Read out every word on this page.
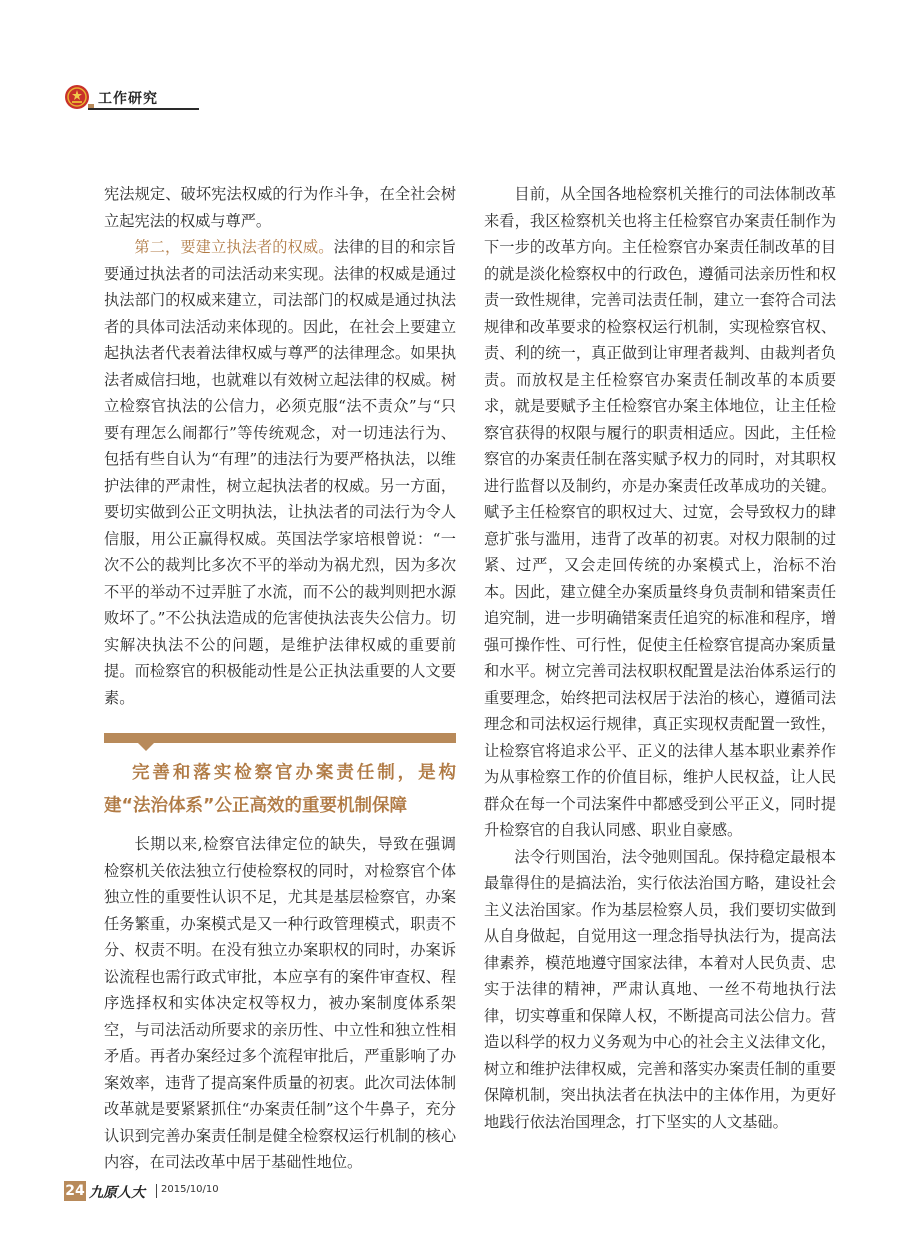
工作研究

宪法规定、破坏宪法权威的行为作斗争，在全社会树立起宪法的权威与尊严。

第二，要建立执法者的权威。法律的目的和宗旨要通过执法者的司法活动来实现。法律的权威是通过执法部门的权威来建立，司法部门的权威是通过执法者的具体司法活动来体现的。因此，在社会上要建立起执法者代表着法律权威与尊严的法律理念。如果执法者威信扫地，也就难以有效树立起法律的权威。树立检察官执法的公信力，必须克服“法不责众”与“只要有理怎么闹都行”等传统观念，对一切违法行为、包括有些自认为“有理”的违法行为要严格执法，以维护法律的严肃性，树立起执法者的权威。另一方面，要切实做到公正文明执法，让执法者的司法行为令人信服，用公正赢得权威。英国法学家培根曾说：“一次不公的裁判比多次不平的举动为祸尤烈，因为多次不平的举动不过弄脏了水流，而不公的裁判则把水源败坏了。”不公执法造成的危害使执法丧失公信力。切实解决执法不公的问题，是维护法律权威的重要前提。而检察官的积极能动性是公正执法重要的人文要素。

完善和落实检察官办案责任制，是构建“法治体系”公正高效的重要机制保障

长期以来,检察官法律定位的缺失，导致在强调检察机关依法独立行使检察权的同时，对检察官个体独立性的重要性认识不足，尤其是基层检察官，办案任务繁重，办案模式是又一种行政管理模式，职责不分、权责不明。在没有独立办案职权的同时，办案诉讼流程也需行政式审批，本应享有的案件审查权、程序选择权和实体决定权等权力，被办案制度体系架空，与司法活动所要求的亲历性、中立性和独立性相矛盾。再者办案经过多个流程审批后，严重影响了办案效率，违背了提高案件质量的初衷。此次司法体制改革就是要紧紧抓住“办案责任制”这个牛鼻子，充分认识到完善办案责任制是健全检察权运行机制的核心内容，在司法改革中居于基础性地位。

目前，从全国各地检察机关推行的司法体制改革来看，我区检察机关也将主任检察官办案责任制作为下一步的改革方向。主任检察官办案责任制改革的目的就是淡化检察权中的行政色，遵循司法亲历性和权责一致性规律，完善司法责任制，建立一套符合司法规律和改革要求的检察权运行机制，实现检察官权、责、利的统一，真正做到让审理者裁判、由裁判者负责。而放权是主任检察官办案责任制改革的本质要求，就是要赋予主任检察官办案主体地位，让主任检察官获得的权限与履行的职责相适应。因此，主任检察官的办案责任制在落实赋予权力的同时，对其职权进行监督以及制约，亦是办案责任改革成功的关键。赋予主任检察官的职权过大、过宽，会导致权力的肆意扩张与滥用，违背了改革的初衷。对权力限制的过紧、过严，又会走回传统的办案模式上，治标不治本。因此，建立健全办案质量终身负责制和错案责任追究制，进一步明确错案责任追究的标准和程序，增强可操作性、可行性，促使主任检察官提高办案质量和水平。树立完善司法权职权配置是法治体系运行的重要理念，始终把司法权居于法治的核心，遵循司法理念和司法权运行规律，真正实现权责配置一致性，让检察官将追求公平、正义的法律人基本职业素养作为从事检察工作的价值目标，维护人民权益，让人民群众在每一个司法案件中都感受到公平正义，同时提升检察官的自我认同感、职业自豪感。

法令行则国治，法令弛则国乱。保持稳定最根本最靠得住的是搞法治，实行依法治国方略，建设社会主义法治国家。作为基层检察人员，我们要切实做到从自身做起，自觉用这一理念指导执法行为，提高法律素养，模范地遵守国家法律，本着对人民负责、忠实于法律的精神，严肃认真地、一丝不苟地执行法律，切实尊重和保障人权，不断提高司法公信力。营造以科学的权力义务观为中心的社会主义法律文化，树立和维护法律权威，完善和落实办案责任制的重要保障机制，突出执法者在执法中的主体作用，为更好地践行依法治国理念，打下坚实的人文基础。

24 九原人大 2015/10/10
